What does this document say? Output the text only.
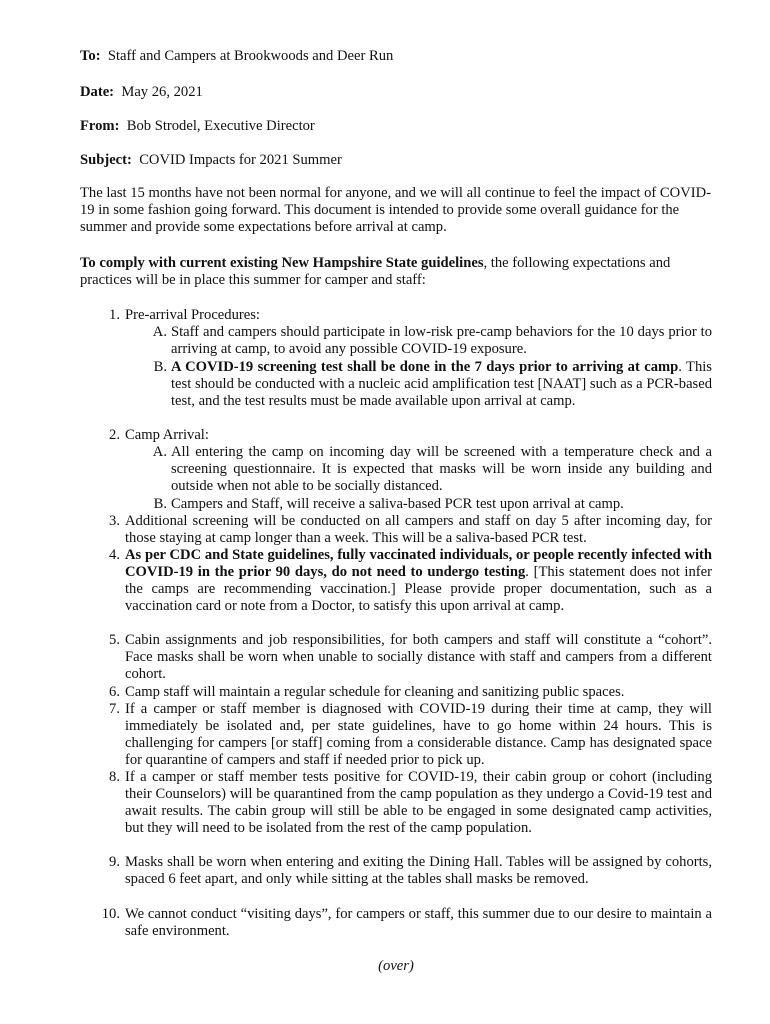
To: Staff and Campers at Brookwoods and Deer Run
Date: May 26, 2021
From: Bob Strodel, Executive Director
Subject: COVID Impacts for 2021 Summer
The last 15 months have not been normal for anyone, and we will all continue to feel the impact of COVID-19 in some fashion going forward. This document is intended to provide some overall guidance for the summer and provide some expectations before arrival at camp.
To comply with current existing New Hampshire State guidelines, the following expectations and practices will be in place this summer for camper and staff:
1. Pre-arrival Procedures:
A. Staff and campers should participate in low-risk pre-camp behaviors for the 10 days prior to arriving at camp, to avoid any possible COVID-19 exposure.
B. A COVID-19 screening test shall be done in the 7 days prior to arriving at camp. This test should be conducted with a nucleic acid amplification test [NAAT] such as a PCR-based test, and the test results must be made available upon arrival at camp.
2. Camp Arrival:
A. All entering the camp on incoming day will be screened with a temperature check and a screening questionnaire. It is expected that masks will be worn inside any building and outside when not able to be socially distanced.
B. Campers and Staff, will receive a saliva-based PCR test upon arrival at camp.
3. Additional screening will be conducted on all campers and staff on day 5 after incoming day, for those staying at camp longer than a week. This will be a saliva-based PCR test.
4. As per CDC and State guidelines, fully vaccinated individuals, or people recently infected with COVID-19 in the prior 90 days, do not need to undergo testing. [This statement does not infer the camps are recommending vaccination.] Please provide proper documentation, such as a vaccination card or note from a Doctor, to satisfy this upon arrival at camp.
5. Cabin assignments and job responsibilities, for both campers and staff will constitute a “cohort”. Face masks shall be worn when unable to socially distance with staff and campers from a different cohort.
6. Camp staff will maintain a regular schedule for cleaning and sanitizing public spaces.
7. If a camper or staff member is diagnosed with COVID-19 during their time at camp, they will immediately be isolated and, per state guidelines, have to go home within 24 hours. This is challenging for campers [or staff] coming from a considerable distance. Camp has designated space for quarantine of campers and staff if needed prior to pick up.
8. If a camper or staff member tests positive for COVID-19, their cabin group or cohort (including their Counselors) will be quarantined from the camp population as they undergo a Covid-19 test and await results. The cabin group will still be able to be engaged in some designated camp activities, but they will need to be isolated from the rest of the camp population.
9. Masks shall be worn when entering and exiting the Dining Hall. Tables will be assigned by cohorts, spaced 6 feet apart, and only while sitting at the tables shall masks be removed.
10. We cannot conduct “visiting days”, for campers or staff, this summer due to our desire to maintain a safe environment.
(over)
